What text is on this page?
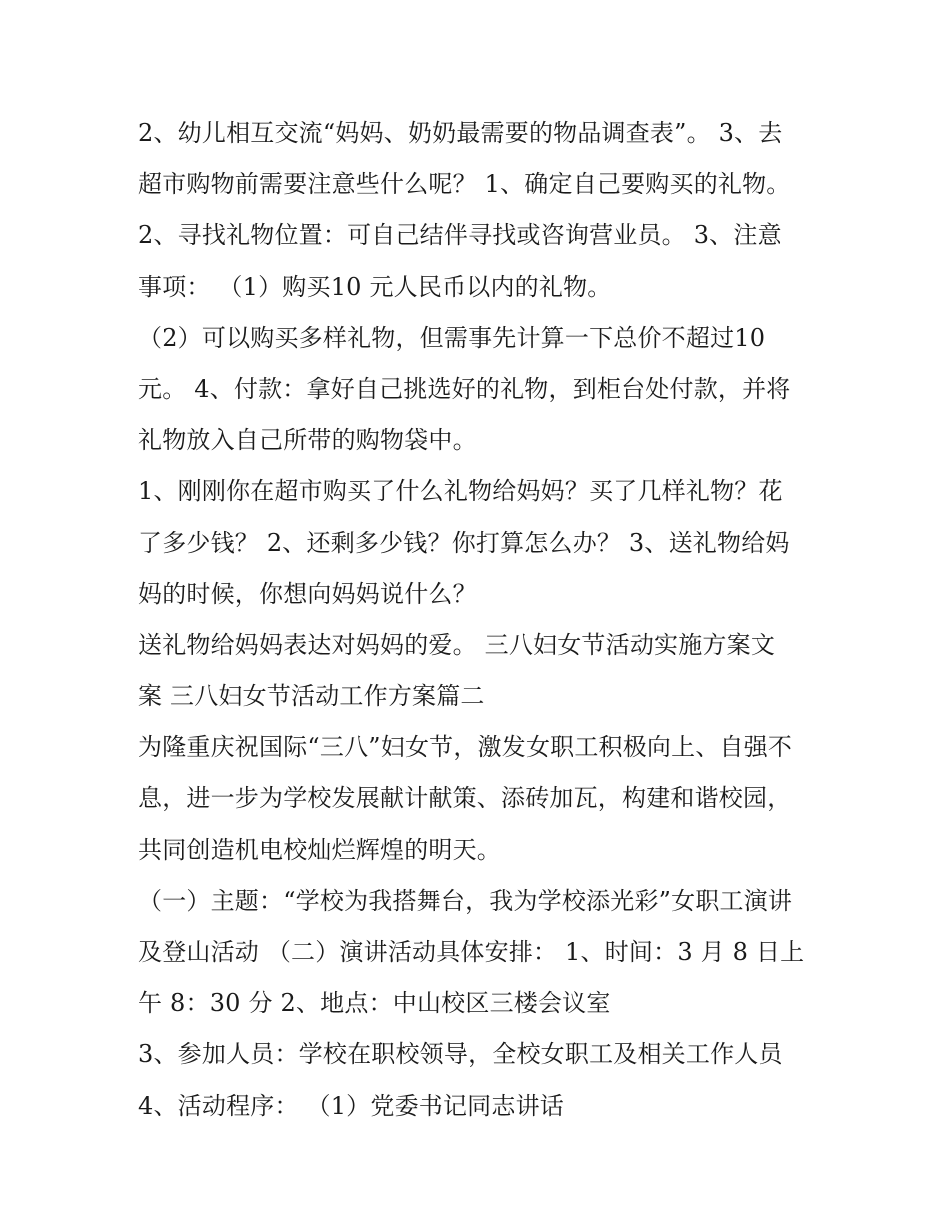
2、幼儿相互交流“妈妈、奶奶最需要的物品调查表”。 3、去
超市购物前需要注意些什么呢？ 1、确定自己要购买的礼物。
2、寻找礼物位置：可自己结伴寻找或咨询营业员。 3、注意
事项： （1）购买10 元人民币以内的礼物。
（2）可以购买多样礼物，但需事先计算一下总价不超过10
元。 4、付款：拿好自己挑选好的礼物，到柜台处付款，并将
礼物放入自己所带的购物袋中。
1、刚刚你在超市购买了什么礼物给妈妈？买了几样礼物？花
了多少钱？ 2、还剩多少钱？你打算怎么办？ 3、送礼物给妈
妈的时候，你想向妈妈说什么？
送礼物给妈妈表达对妈妈的爱。 三八妇女节活动实施方案文
案 三八妇女节活动工作方案篇二
为隆重庆祝国际“三八”妇女节，激发女职工积极向上、自强不
息，进一步为学校发展献计献策、添砖加瓦，构建和谐校园，
共同创造机电校灿烂辉煌的明天。
（一）主题：“学校为我搭舞台，我为学校添光彩”女职工演讲
及登山活动 （二）演讲活动具体安排： 1、时间：3 月 8 日上
午 8：30 分 2、地点：中山校区三楼会议室
3、参加人员：学校在职校领导，全校女职工及相关工作人员
4、活动程序： （1）党委书记同志讲话
